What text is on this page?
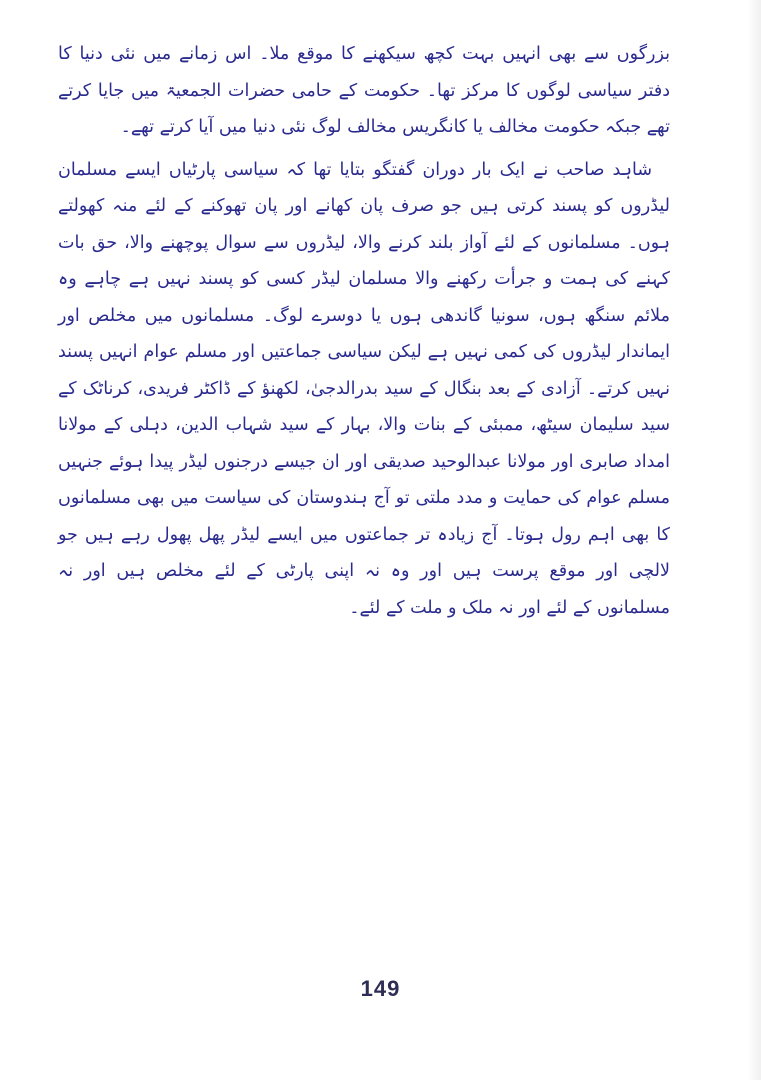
بزرگوں سے بھی انہیں بہت کچھ سیکھنے کا موقع ملا۔ اس زمانے میں نئی دنیا کا دفتر سیاسی لوگوں کا مرکز تھا۔ حکومت کے حامی حضرات الجمعیۃ میں جایا کرتے تھے جبکہ حکومت مخالف یا کانگریس مخالف لوگ نئی دنیا میں آیا کرتے تھے۔

شاہد صاحب نے ایک بار دوران گفتگو بتایا تھا کہ سیاسی پارٹیاں ایسے مسلمان لیڈروں کو پسند کرتی ہیں جو صرف پان کھانے اور پان تھوکنے کے لئے منہ کھولتے ہوں۔ مسلمانوں کے لئے آواز بلند کرنے والا، لیڈروں سے سوال پوچھنے والا، حق بات کہنے کی ہمت و جرأت رکھنے والا مسلمان لیڈر کسی کو پسند نہیں ہے چاہے وہ ملائم سنگھ ہوں، سونیا گاندھی ہوں یا دوسرے لوگ۔ مسلمانوں میں مخلص اور ایماندار لیڈروں کی کمی نہیں ہے لیکن سیاسی جماعتیں اور مسلم عوام انہیں پسند نہیں کرتے۔ آزادی کے بعد بنگال کے سید بدرالدجیٰ، لکھنؤ کے ڈاکٹر فریدی، کرناٹک کے سید سلیمان سیٹھ، ممبئی کے بنات والا، بہار کے سید شہاب الدین، دہلی کے مولانا امداد صابری اور مولانا عبدالوحید صدیقی اور ان جیسے درجنوں لیڈر پیدا ہوئے جنہیں مسلم عوام کی حمایت و مدد ملتی تو آج ہندوستان کی سیاست میں بھی مسلمانوں کا بھی اہم رول ہوتا۔ آج زیادہ تر جماعتوں میں ایسے لیڈر پھل پھول رہے ہیں جو لالچی اور موقع پرست ہیں اور وہ نہ اپنی پارٹی کے لئے مخلص ہیں اور نہ مسلمانوں کے لئے اور نہ ملک و ملت کے لئے۔

149
